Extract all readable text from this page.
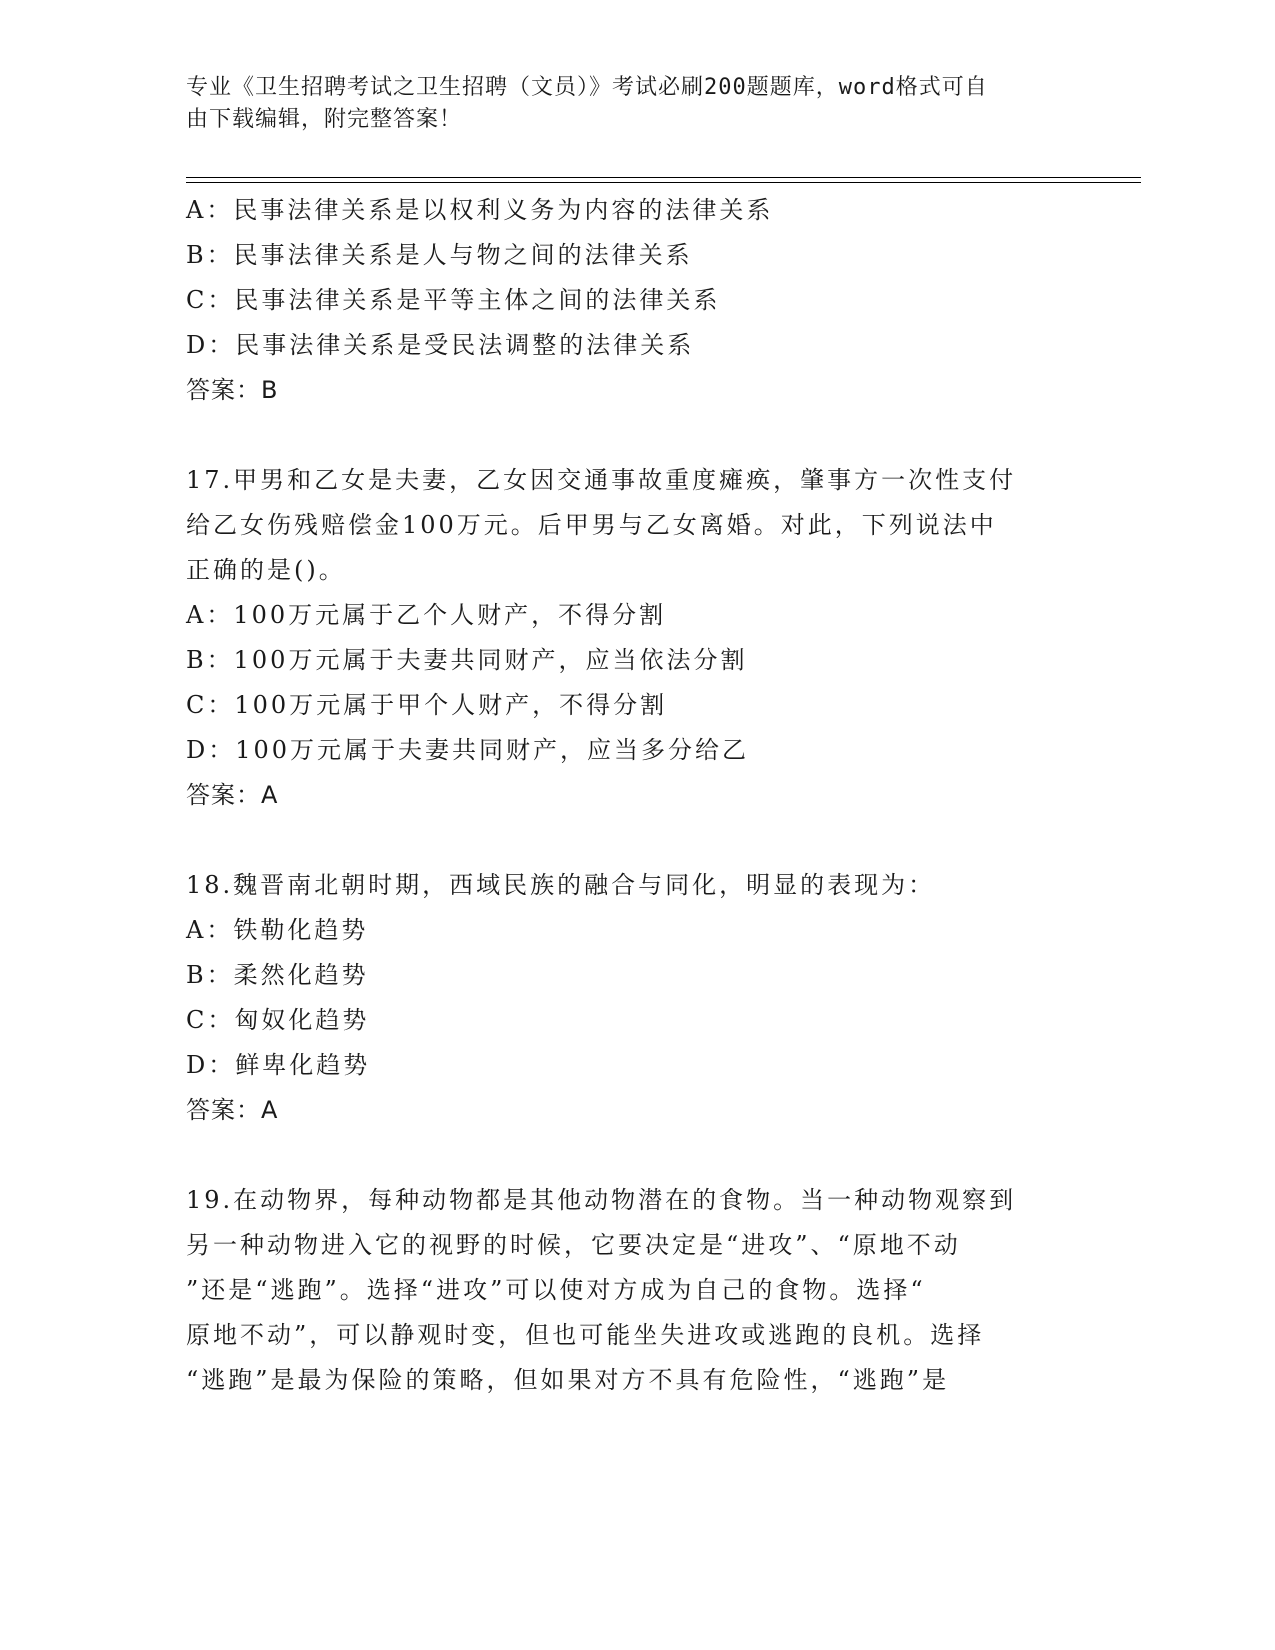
专业《卫生招聘考试之卫生招聘（文员）》考试必刷200题题库，word格式可自
由下载编辑，附完整答案！
A：民事法律关系是以权利义务为内容的法律关系
B：民事法律关系是人与物之间的法律关系
C：民事法律关系是平等主体之间的法律关系
D：民事法律关系是受民法调整的法律关系
答案：B
17.甲男和乙女是夫妻，乙女因交通事故重度瘫痪，肇事方一次性支付
给乙女伤残赔偿金100万元。后甲男与乙女离婚。对此，下列说法中
正确的是()。
A：100万元属于乙个人财产，不得分割
B：100万元属于夫妻共同财产，应当依法分割
C：100万元属于甲个人财产，不得分割
D：100万元属于夫妻共同财产，应当多分给乙
答案：A
18.魏晋南北朝时期，西域民族的融合与同化，明显的表现为：
A：铁勒化趋势
B：柔然化趋势
C：匈奴化趋势
D：鲜卑化趋势
答案：A
19.在动物界，每种动物都是其他动物潜在的食物。当一种动物观察到
另一种动物进入它的视野的时候，它要决定是“进攻”、“原地不动
”还是“逃跑”。选择“进攻”可以使对方成为自己的食物。选择“
原地不动”，可以静观时变，但也可能坐失进攻或逃跑的良机。选择
“逃跑”是最为保险的策略，但如果对方不具有危险性，“逃跑”是
